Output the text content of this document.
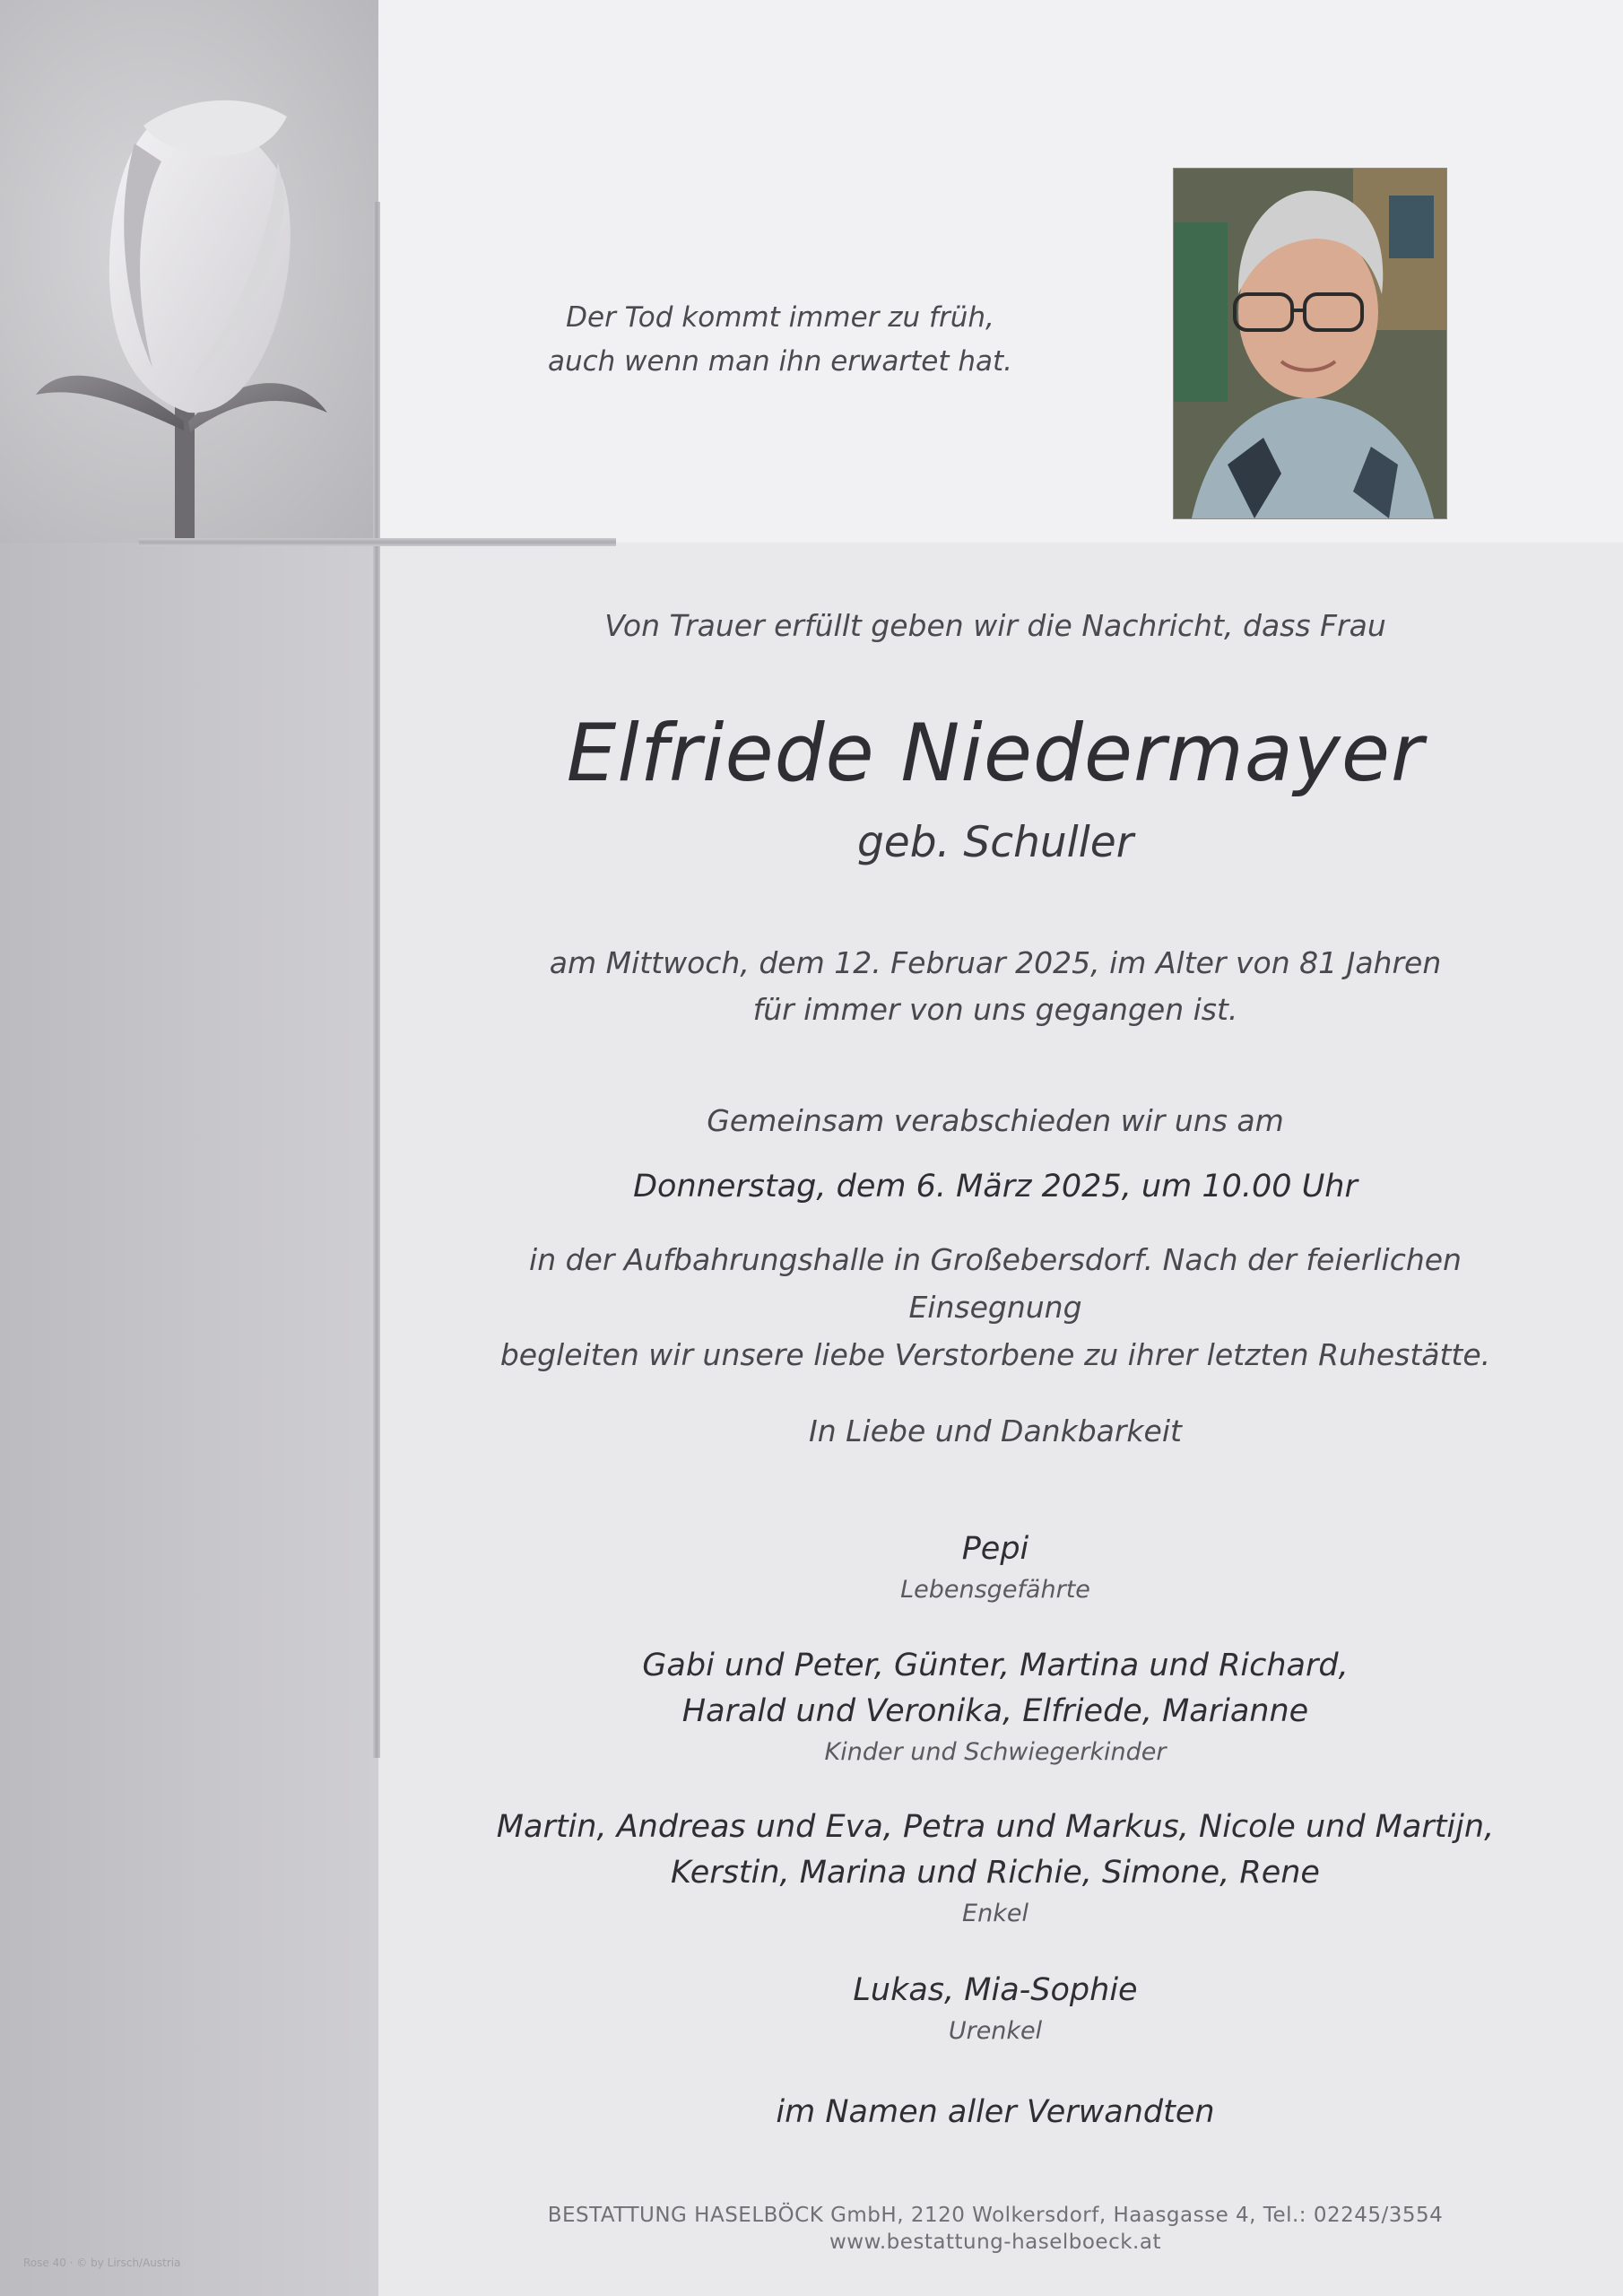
Der Tod kommt immer zu früh,
auch wenn man ihn erwartet hat.
Von Trauer erfüllt geben wir die Nachricht, dass Frau
Elfriede Niedermayer
geb. Schuller
am Mittwoch, dem 12. Februar 2025, im Alter von 81 Jahren
für immer von uns gegangen ist.
Gemeinsam verabschieden wir uns am
Donnerstag, dem 6. März 2025, um 10.00 Uhr
in der Aufbahrungshalle in Großebersdorf. Nach der feierlichen Einsegnung
begleiten wir unsere liebe Verstorbene zu ihrer letzten Ruhestätte.
In Liebe und Dankbarkeit
Pepi
Lebensgefährte
Gabi und Peter, Günter, Martina und Richard,
Harald und Veronika, Elfriede, Marianne
Kinder und Schwiegerkinder
Martin, Andreas und Eva, Petra und Markus, Nicole und Martijn,
Kerstin, Marina und Richie, Simone, Rene
Enkel
Lukas, Mia-Sophie
Urenkel
im Namen aller Verwandten
BESTATTUNG HASELBÖCK GmbH, 2120 Wolkersdorf, Haasgasse 4, Tel.: 02245/3554
www.bestattung-haselboeck.at
Rose 40 · © by Lirsch/Austria
